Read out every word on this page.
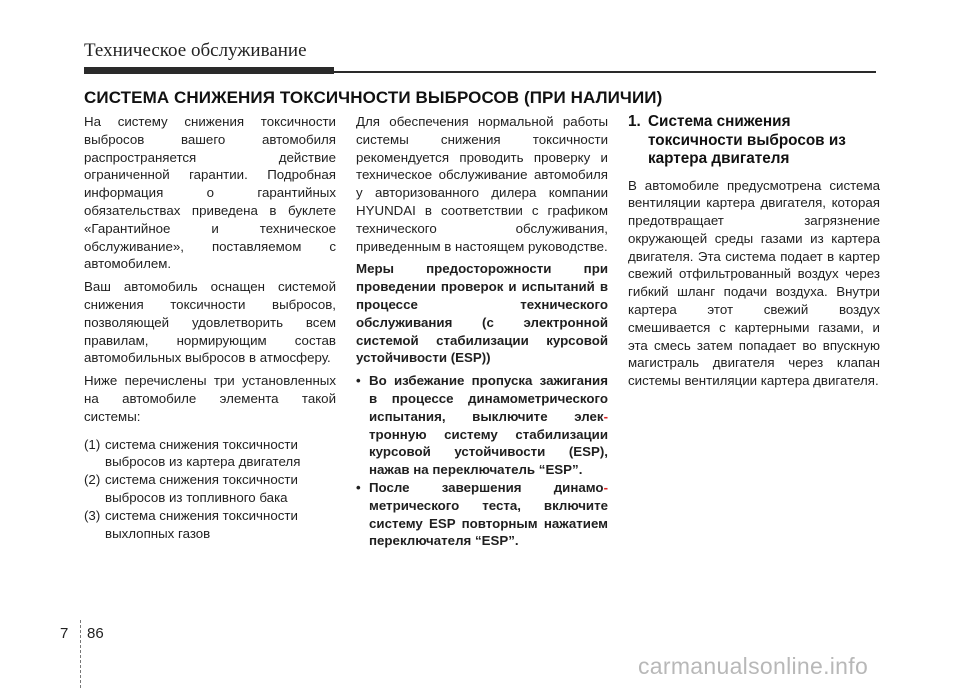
Техническое обслуживание
СИСТЕМА СНИЖЕНИЯ ТОКСИЧНОСТИ ВЫБРОСОВ (ПРИ НАЛИЧИИ)

На систему снижения токсичности выбросов вашего автомобиля распространяется действие ограниченной гарантии. Подробная информация о гарантийных обязательствах приведена в буклете «Гарантийное и техническое обслуживание», поставляемом с автомобилем.

Ваш автомобиль оснащен системой снижения токсичности выбросов, позволяющей удовлетворить всем правилам, нормирующим состав автомобильных выбросов в атмосферу.

Ниже перечислены три установленных на автомобиле элемента такой системы:

(1) система снижения токсичности выбросов из картера двигателя
(2) система снижения токсичности выбросов из топливного бака
(3) система снижения токсичности выхлопных газов

Для обеспечения нормальной работы системы снижения токсичности рекомендуется проводить проверку и техническое обслуживание автомобиля у авторизованного дилера компании HYUNDAI в соответствии с графиком технического обслуживания, приведенным в настоящем руководстве.

Меры предосторожности при проведении проверок и испытаний в процессе технического обслуживания (с электронной системой стабилизации курсовой устойчивости (ESP))

• Во избежание пропуска зажигания в процессе динамометрического испытания, выключите элек-тронную систему стабилизации курсовой устойчивости (ESP), нажав на переключатель “ESP”.
• После завершения динамо-метрического теста, включите систему ESP повторным нажатием переключателя “ESP”.
1. Система снижения токсичности выбросов из картера двигателя

В автомобиле предусмотрена система вентиляции картера двигателя, которая предотвращает загрязнение окружающей среды газами из картера двигателя. Эта система подает в картер свежий отфильтрованный воздух через гибкий шланг подачи воздуха. Внутри картера этот свежий воздух смешивается с картерными газами, и эта смесь затем попадает во впускную магистраль двигателя через клапан системы вентиляции картера двигателя.

7 86
carmanualsonline.info
